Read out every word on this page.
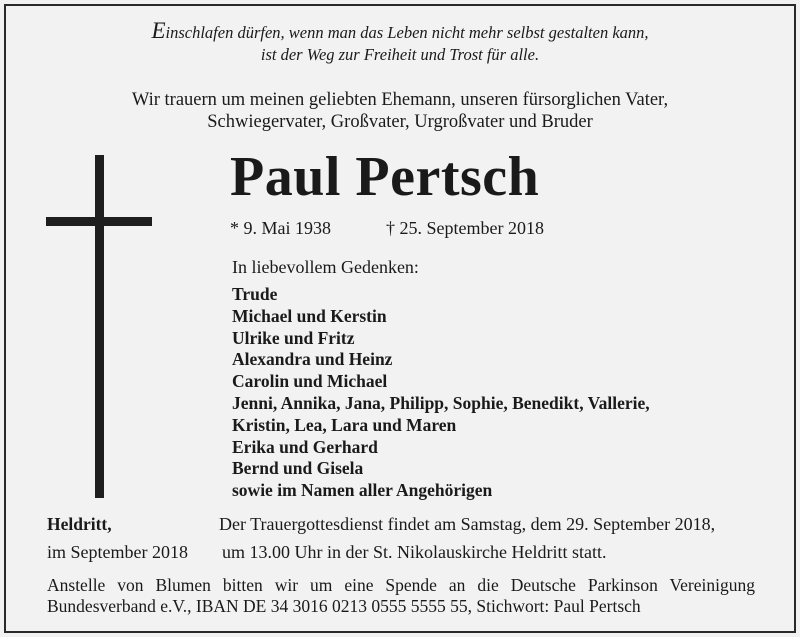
Einschlafen dürfen, wenn man das Leben nicht mehr selbst gestalten kann,
ist der Weg zur Freiheit und Trost für alle.
Wir trauern um meinen geliebten Ehemann, unseren fürsorglichen Vater,
Schwiegervater, Großvater, Urgroßvater und Bruder
Paul Pertsch
* 9. Mai 1938	† 25. September 2018
In liebevollem Gedenken:
Trude
Michael und Kerstin
Ulrike und Fritz
Alexandra und Heinz
Carolin und Michael
Jenni, Annika, Jana, Philipp, Sophie, Benedikt, Vallerie,
Kristin, Lea, Lara und Maren
Erika und Gerhard
Bernd und Gisela
sowie im Namen aller Angehörigen
Heldritt,
im September 2018
Der Trauergottesdienst findet am Samstag, dem 29. September 2018,
um 13.00 Uhr in der St. Nikolauskirche Heldritt statt.
Anstelle von Blumen bitten wir um eine Spende an die Deutsche Parkinson Vereinigung
Bundesverband e.V., IBAN DE 34 3016 0213 0555 5555 55, Stichwort: Paul Pertsch
